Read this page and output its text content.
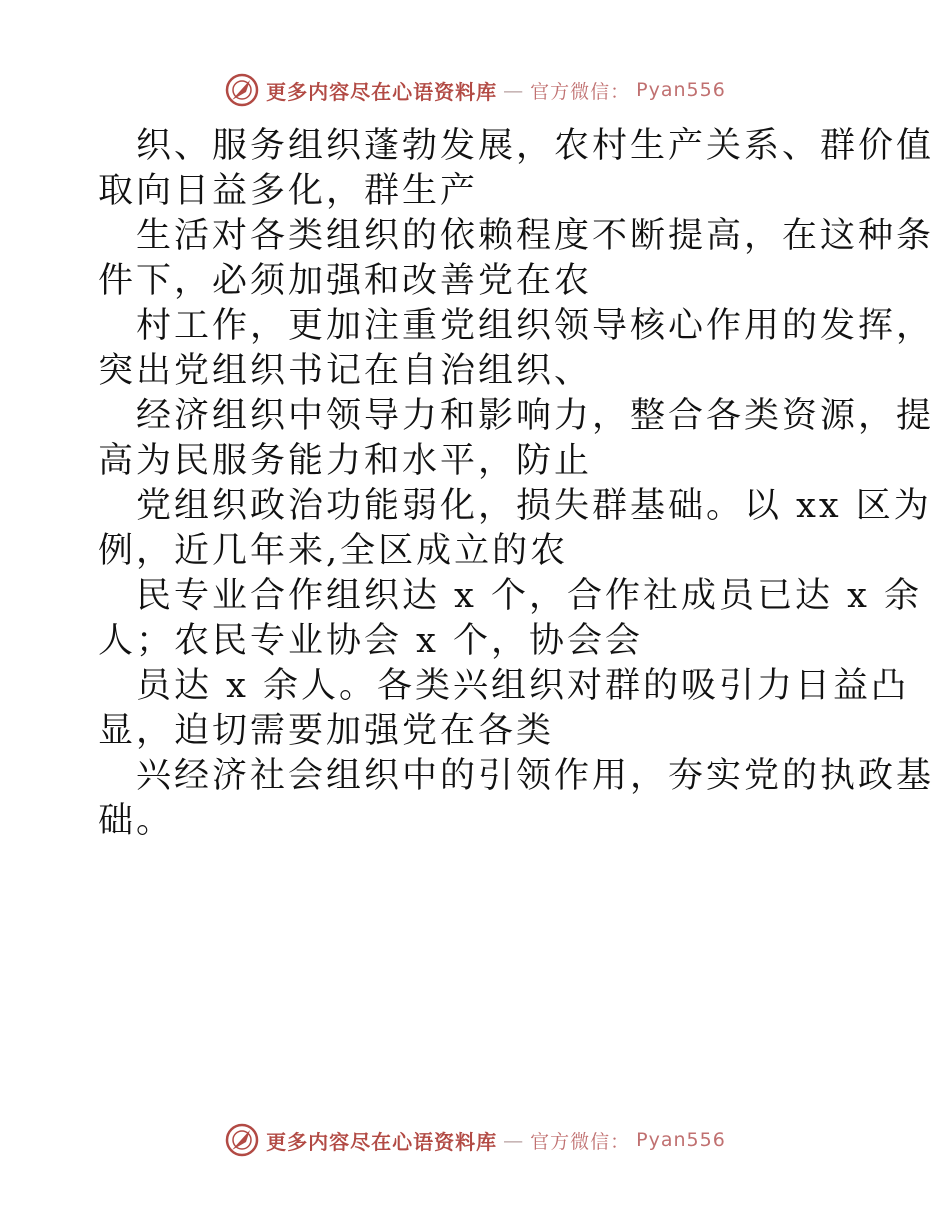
更多内容尽在心语资料库 — 官方微信： Pyan556
织、服务组织蓬勃发展，农村生产关系、群价值
取向日益多化，群生产
生活对各类组织的依赖程度不断提高，在这种条
件下，必须加强和改善党在农
村工作，更加注重党组织领导核心作用的发挥，
突出党组织书记在自治组织、
经济组织中领导力和影响力，整合各类资源，提
高为民服务能力和水平，防止
党组织政治功能弱化，损失群基础。以 xx 区为
例，近几年来,全区成立的农
民专业合作组织达 x 个，合作社成员已达 x 余
人；农民专业协会 x 个，协会会
员达 x 余人。各类兴组织对群的吸引力日益凸
显，迫切需要加强党在各类
兴经济社会组织中的引领作用，夯实党的执政基
础。
更多内容尽在心语资料库 — 官方微信： Pyan556
